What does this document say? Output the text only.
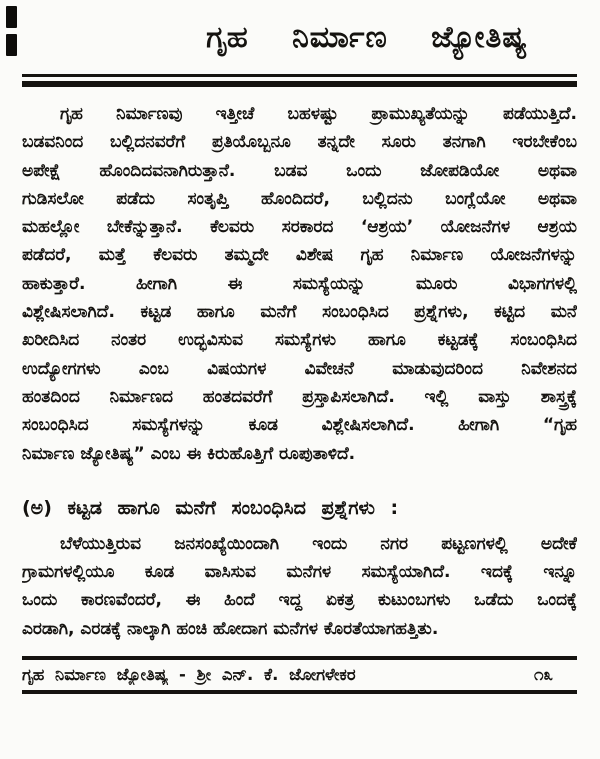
ಗೃಹ ನಿರ್ಮಾಣ ಜ್ಯೋತಿಷ್ಯ
ಗೃಹ ನಿರ್ಮಾಣವು ಇತ್ತೀಚೆ ಬಹಳಷ್ಟು ಪ್ರಾಮುಖ್ಯತೆಯನ್ನು ಪಡೆಯುತ್ತಿದೆ.
ಬಡವನಿಂದ ಬಲ್ಲಿದನವರೆಗೆ ಪ್ರತಿಯೊಬ್ಬನೂ ತನ್ನದೇ ಸೂರು ತನಗಾಗಿ ಇರಬೇಕೆಂಬ
ಅಪೇಕ್ಷೆ ಹೊಂದಿದವನಾಗಿರುತ್ತಾನೆ. ಬಡವ ಒಂದು ಜೋಪಡಿಯೋ ಅಥವಾ
ಗುಡಿಸಲೋ ಪಡೆದು ಸಂತೃಪ್ತಿ ಹೊಂದಿದರೆ, ಬಲ್ಲಿದನು ಬಂಗ್ಲೆಯೋ ಅಥವಾ
ಮಹಲ್ಲೋ ಬೇಕೆನ್ನುತ್ತಾನೆ. ಕೆಲವರು ಸರಕಾರದ ‘ಆಶ್ರಯ’ ಯೋಜನೆಗಳ ಆಶ್ರಯ
ಪಡೆದರೆ, ಮತ್ತೆ ಕೆಲವರು ತಮ್ಮದೇ ವಿಶೇಷ ಗೃಹ ನಿರ್ಮಾಣ ಯೋಜನೆಗಳನ್ನು
ಹಾಕುತ್ತಾರೆ. ಹೀಗಾಗಿ ಈ ಸಮಸ್ಯೆಯನ್ನು ಮೂರು ವಿಭಾಗಗಳಲ್ಲಿ
ವಿಶ್ಲೇಷಿಸಲಾಗಿದೆ. ಕಟ್ಟಡ ಹಾಗೂ ಮನೆಗೆ ಸಂಬಂಧಿಸಿದ ಪ್ರಶ್ನೆಗಳು, ಕಟ್ಟಿದ ಮನೆ
ಖರೀದಿಸಿದ ನಂತರ ಉದ್ಭವಿಸುವ ಸಮಸ್ಯೆಗಳು ಹಾಗೂ ಕಟ್ಟಡಕ್ಕೆ ಸಂಬಂಧಿಸಿದ
ಉದ್ಯೋಗಗಳು ಎಂಬ ವಿಷಯಗಳ ವಿವೇಚನೆ ಮಾಡುವುದರಿಂದ ನಿವೇಶನದ
ಹಂತದಿಂದ ನಿರ್ಮಾಣದ ಹಂತದವರೆಗೆ ಪ್ರಸ್ತಾಪಿಸಲಾಗಿದೆ. ಇಲ್ಲಿ ವಾಸ್ತು ಶಾಸ್ತ್ರಕ್ಕೆ
ಸಂಬಂಧಿಸಿದ ಸಮಸ್ಯೆಗಳನ್ನು ಕೂಡ ವಿಶ್ಲೇಷಿಸಲಾಗಿದೆ. ಹೀಗಾಗಿ “ಗೃಹ
ನಿರ್ಮಾಣ ಜ್ಯೋತಿಷ್ಯ” ಎಂಬ ಈ ಕಿರುಹೊತ್ತಿಗೆ ರೂಪುತಾಳಿದೆ.
(ಅ) ಕಟ್ಟಡ ಹಾಗೂ ಮನೆಗೆ ಸಂಬಂಧಿಸಿದ ಪ್ರಶ್ನೆಗಳು :
ಬೆಳೆಯುತ್ತಿರುವ ಜನಸಂಖ್ಯೆಯಿಂದಾಗಿ ಇಂದು ನಗರ ಪಟ್ಟಣಗಳಲ್ಲಿ ಅದೇಕೆ
ಗ್ರಾಮಗಳಲ್ಲಿಯೂ ಕೂಡ ವಾಸಿಸುವ ಮನೆಗಳ ಸಮಸ್ಯೆಯಾಗಿದೆ. ಇದಕ್ಕೆ ಇನ್ನೂ
ಒಂದು ಕಾರಣವೆಂದರೆ, ಈ ಹಿಂದೆ ಇದ್ದ ಏಕತ್ರ ಕುಟುಂಬಗಳು ಒಡೆದು ಒಂದಕ್ಕೆ
ಎರಡಾಗಿ, ಎರಡಕ್ಕೆ ನಾಲ್ಕಾಗಿ ಹಂಚಿ ಹೋದಾಗ ಮನೆಗಳ ಕೊರತೆಯಾಗಹತ್ತಿತು.
ಗೃಹ ನಿರ್ಮಾಣ ಜ್ಯೋತಿಷ್ಯ - ಶ್ರೀ ಎನ್. ಕೆ. ಜೋಗಳೇಕರ	೧೩
